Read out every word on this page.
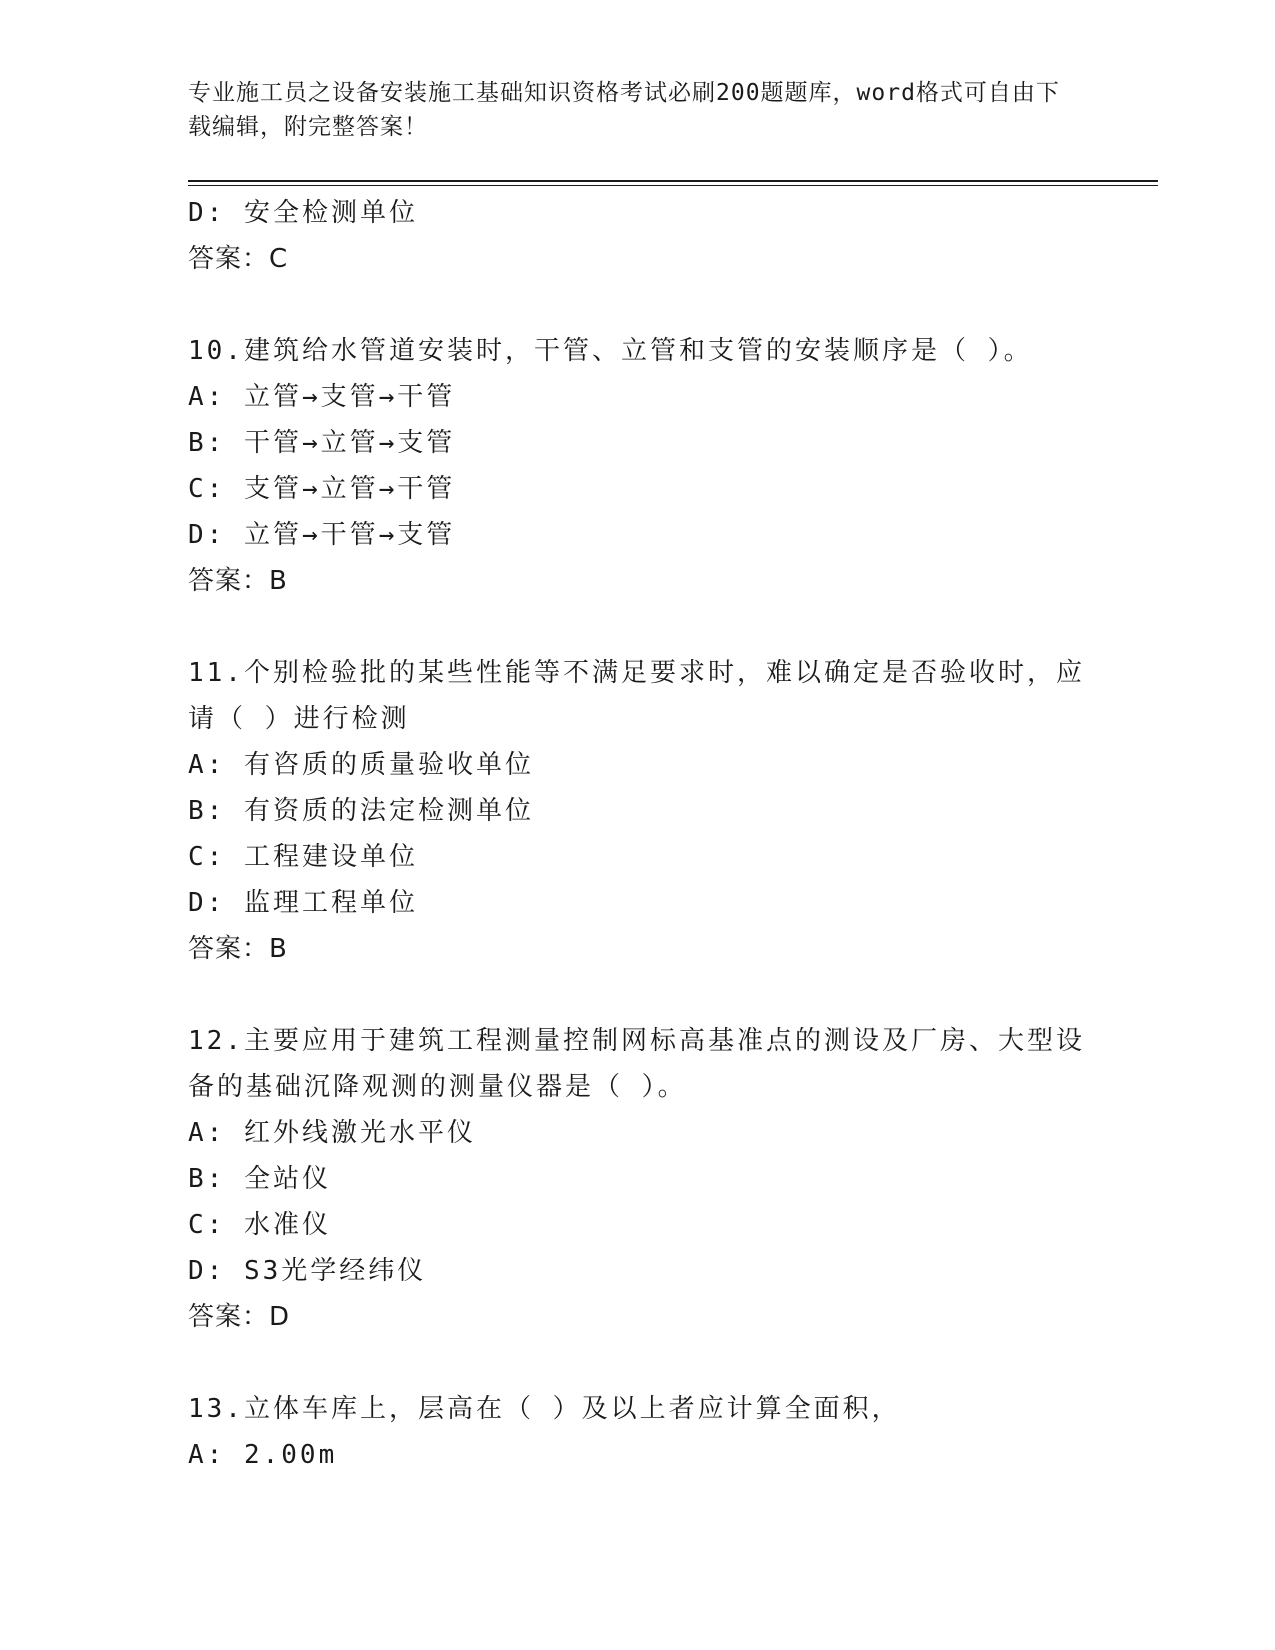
专业施工员之设备安装施工基础知识资格考试必刷200题题库，word格式可自由下载编辑，附完整答案！
D: 安全检测单位
答案：C
10.建筑给水管道安装时，干管、立管和支管的安装顺序是（ ）。
A: 立管→支管→干管
B: 干管→立管→支管
C: 支管→立管→干管
D: 立管→干管→支管
答案：B
11.个别检验批的某些性能等不满足要求时，难以确定是否验收时，应请（ ）进行检测
A: 有咨质的质量验收单位
B: 有资质的法定检测单位
C: 工程建设单位
D: 监理工程单位
答案：B
12.主要应用于建筑工程测量控制网标高基准点的测设及厂房、大型设备的基础沉降观测的测量仪器是（ ）。
A: 红外线激光水平仪
B: 全站仪
C: 水准仪
D: S3光学经纬仪
答案：D
13.立体车库上，层高在（ ）及以上者应计算全面积，
A: 2.00m
